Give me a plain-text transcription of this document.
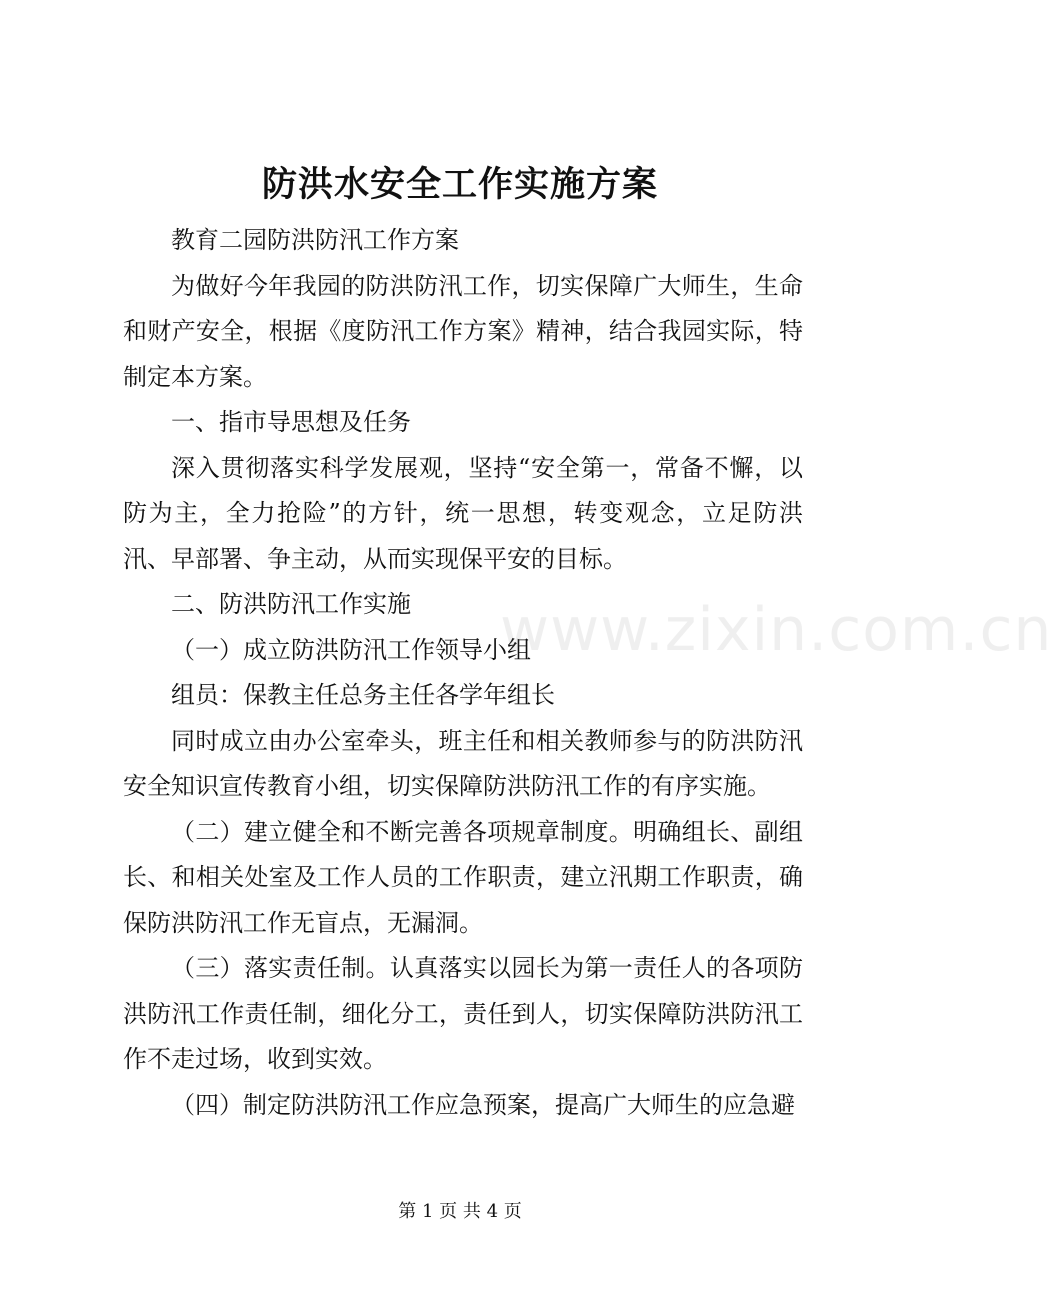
防洪水安全工作实施方案

教育二园防洪防汛工作方案

为做好今年我园的防洪防汛工作，切实保障广大师生，生命和财产安全，根据《度防汛工作方案》精神，结合我园实际，特制定本方案。

一、指市导思想及任务

深入贯彻落实科学发展观，坚持“安全第一，常备不懈，以防为主，全力抢险”的方针，统一思想，转变观念，立足防洪汛、早部署、争主动，从而实现保平安的目标。

二、防洪防汛工作实施

（一）成立防洪防汛工作领导小组

组员：保教主任总务主任各学年组长

同时成立由办公室牵头，班主任和相关教师参与的防洪防汛安全知识宣传教育小组，切实保障防洪防汛工作的有序实施。

（二）建立健全和不断完善各项规章制度。明确组长、副组长、和相关处室及工作人员的工作职责，建立汛期工作职责，确保防洪防汛工作无盲点，无漏洞。

（三）落实责任制。认真落实以园长为第一责任人的各项防洪防汛工作责任制，细化分工，责任到人，切实保障防洪防汛工作不走过场，收到实效。

（四）制定防洪防汛工作应急预案，提高广大师生的应急避

www.zixin.com.cn
第 1 页 共 4 页
